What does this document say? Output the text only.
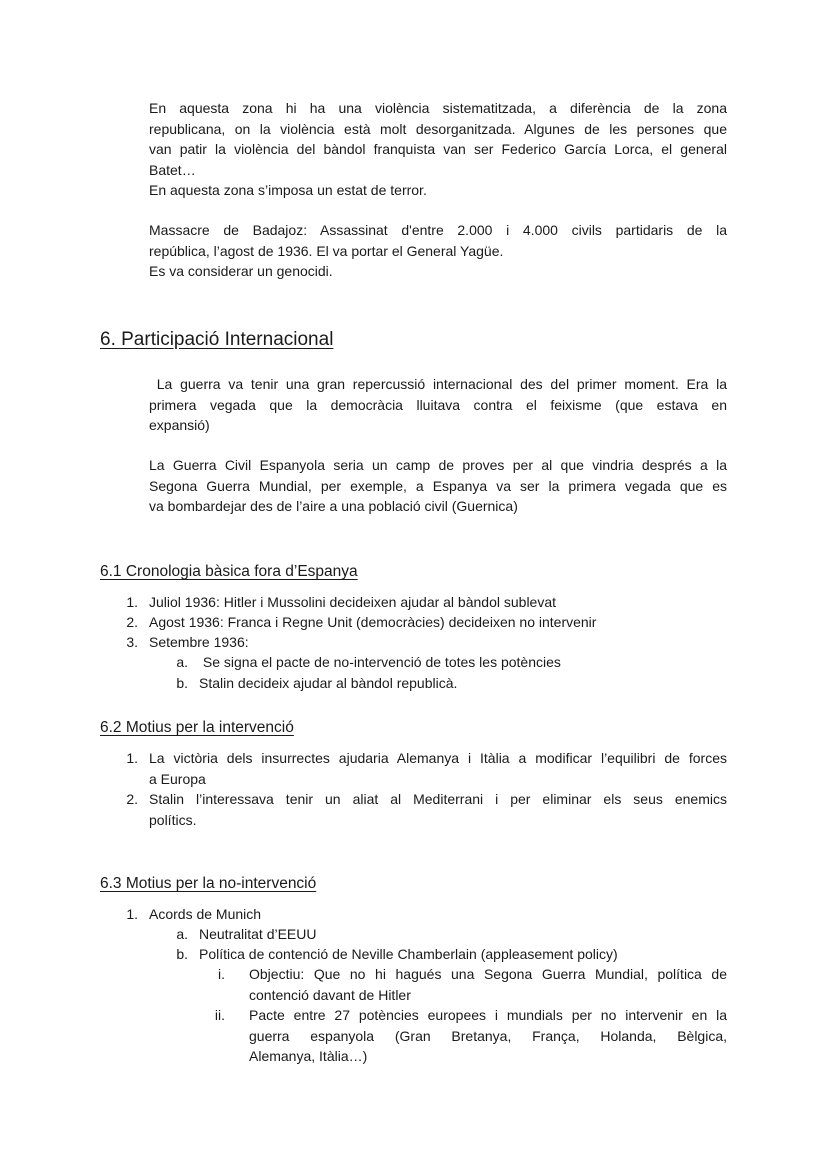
En aquesta zona hi ha una violència sistematitzada, a diferència de la zona
republicana, on la violència està molt desorganitzada. Algunes de les persones que
van patir la violència del bàndol franquista van ser Federico García Lorca, el general
Batet…
En aquesta zona s’imposa un estat de terror.

Massacre de Badajoz: Assassinat d'entre 2.000 i 4.000 civils partidaris de la
república, l’agost de 1936. El va portar el General Yagüe.
Es va considerar un genocidi.

6. Participació Internacional

La guerra va tenir una gran repercussió internacional des del primer moment. Era la
primera vegada que la democràcia lluitava contra el feixisme (que estava en
expansió)

La Guerra Civil Espanyola seria un camp de proves per al que vindria després a la
Segona Guerra Mundial, per exemple, a Espanya va ser la primera vegada que es
va bombardejar des de l’aire a una població civil (Guernica)

6.1 Cronologia bàsica fora d’Espanya
1. Juliol 1936: Hitler i Mussolini decideixen ajudar al bàndol sublevat
2. Agost 1936: Franca i Regne Unit (democràcies) decideixen no intervenir
3. Setembre 1936:
a. Se signa el pacte de no-intervenció de totes les potències
b. Stalin decideix ajudar al bàndol republicà.
6.2 Motius per la intervenció
1. La victòria dels insurrectes ajudaria Alemanya i Itàlia a modificar l’equilibri de forces
a Europa
2. Stalin l’interessava tenir un aliat al Mediterrani i per eliminar els seus enemics
polítics.
6.3 Motius per la no-intervenció
1. Acords de Munich
a. Neutralitat d’EEUU
b. Política de contenció de Neville Chamberlain (appleasement policy)
i. Objectiu: Que no hi hagués una Segona Guerra Mundial, política de
contenció davant de Hitler
ii. Pacte entre 27 potències europees i mundials per no intervenir en la
guerra espanyola (Gran Bretanya, França, Holanda, Bèlgica,
Alemanya, Itàlia…)
